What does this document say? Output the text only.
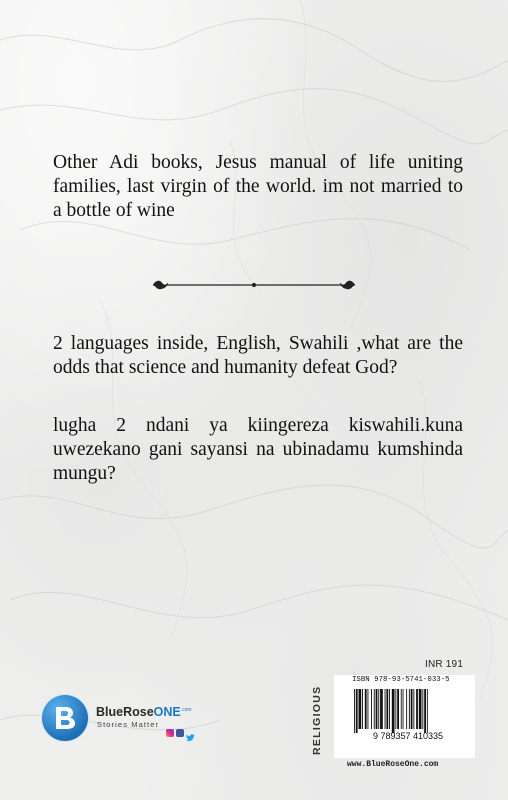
Other Adi books, Jesus manual of life uniting families, last virgin of the world. im not married to a bottle of wine

2 languages inside, English, Swahili ,what are the odds that science and humanity defeat God?

lugha 2 ndani ya kiingereza kiswahili.kuna uwezekano gani sayansi na ubinadamu kumshinda mungu?

INR 191
BlueRoseONE$^{.com}$
Stories Matter	RELIGIOUS
ISBN 978-93-5741-033-5
9 789357 410335
www.BlueRoseOne.com
